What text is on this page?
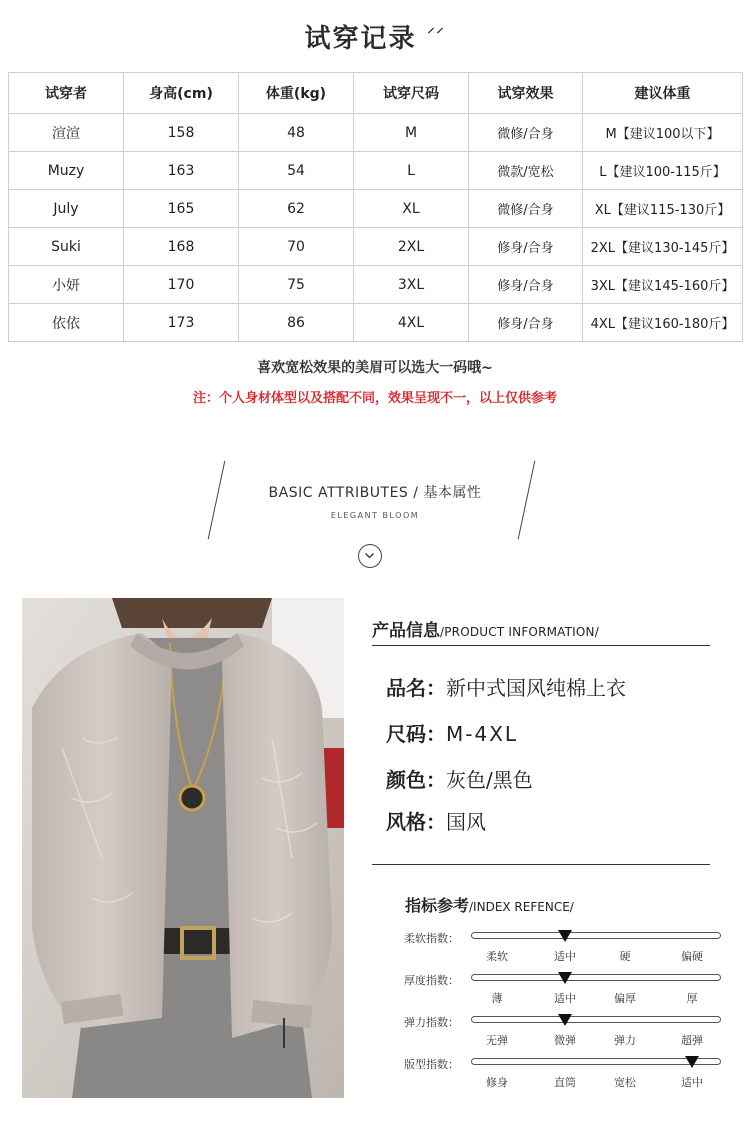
试穿记录 ⸝⸝
试穿者	身高(cm)	体重(kg)	试穿尺码	试穿效果	建议体重
渲渲	158	48	M	微修/合身	M【建议100以下】
Muzy	163	54	L	微款/宽松	L【建议100-115斤】
July	165	62	XL	微修/合身	XL【建议115-130斤】
Suki	168	70	2XL	修身/合身	2XL【建议130-145斤】
小妍	170	75	3XL	修身/合身	3XL【建议145-160斤】
依依	173	86	4XL	修身/合身	4XL【建议160-180斤】
喜欢宽松效果的美眉可以选大一码哦~
注：个人身材体型以及搭配不同，效果呈现不一，以上仅供参考
BASIC ATTRIBUTES / 基本属性
ELEGANT BLOOM
产品信息/PRODUCT INFORMATION/
品名：新中式国风纯棉上衣
尺码：M-4XL
颜色：灰色/黑色
风格：国风
指标参考/INDEX REFENCE/
柔软指数：
柔软	适中	硬	偏硬
厚度指数：
薄	适中	偏厚	厚
弹力指数：
无弹	微弹	弹力	超弹
版型指数：
修身	直筒	宽松	适中
